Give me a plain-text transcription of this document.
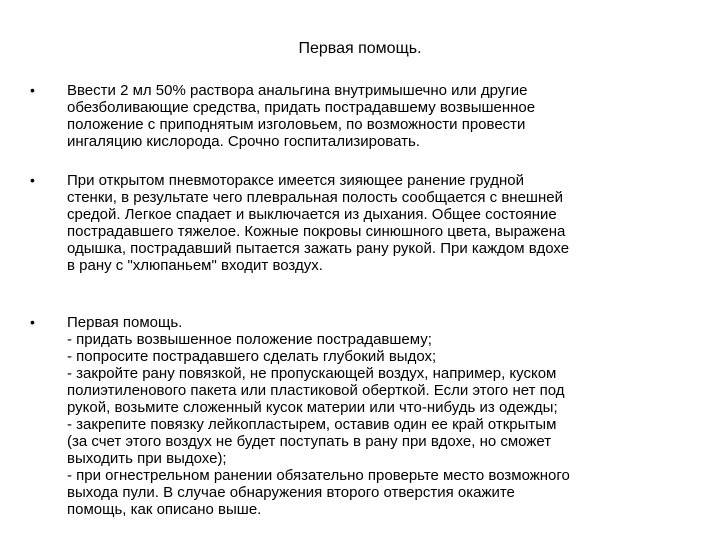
Первая помощь.
• Ввести 2 мл 50% раствора анальгина внутримышечно или другие
обезболивающие средства, придать пострадавшему возвышенное
положение с приподнятым изголовьем, по возможности провести
ингаляцию кислорода. Срочно госпитализировать.
• При открытом пневмотораксе имеется зияющее ранение грудной
стенки, в результате чего плевральная полость сообщается с внешней
средой. Легкое спадает и выключается из дыхания. Общее состояние
пострадавшего тяжелое. Кожные покровы синюшного цвета, выражена
одышка, пострадавший пытается зажать рану рукой. При каждом вдохе
в рану с "хлюпаньем" входит воздух.
• Первая помощь.
- придать возвышенное положение пострадавшему;
- попросите пострадавшего сделать глубокий выдох;
- закройте рану повязкой, не пропускающей воздух, например, куском
полиэтиленового пакета или пластиковой оберткой. Если этого нет под
рукой, возьмите сложенный кусок материи или что-нибудь из одежды;
- закрепите повязку лейкопластырем, оставив один ее край открытым
(за счет этого воздух не будет поступать в рану при вдохе, но сможет
выходить при выдохе);
- при огнестрельном ранении обязательно проверьте место возможного
выхода пули. В случае обнаружения второго отверстия окажите
помощь, как описано выше.
